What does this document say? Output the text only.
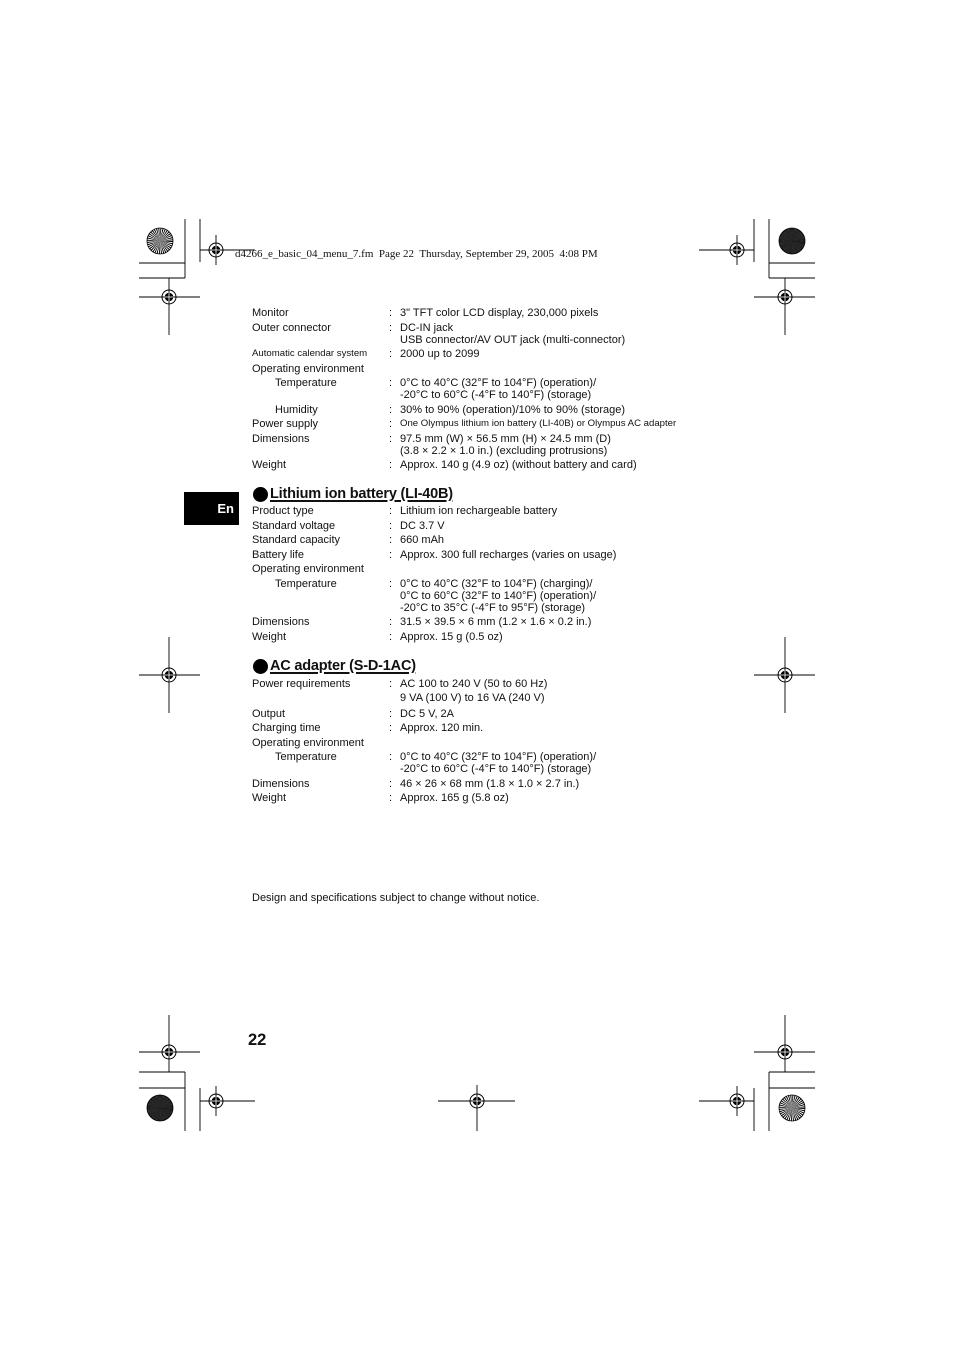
d4266_e_basic_04_menu_7.fm  Page 22  Thursday, September 29, 2005  4:08 PM
En
Monitor	: 3" TFT color LCD display, 230,000 pixels
Outer connector	: DC-IN jack
USB connector/AV OUT jack (multi-connector)
Automatic calendar system	: 2000 up to 2099
Operating environment
Temperature	: 0°C to 40°C (32°F to 104°F) (operation)/
-20°C to 60°C (-4°F to 140°F) (storage)
Humidity	: 30% to 90% (operation)/10% to 90% (storage)
Power supply	: One Olympus lithium ion battery (LI-40B) or Olympus AC adapter
Dimensions	: 97.5 mm (W) × 56.5 mm (H) × 24.5 mm (D)
(3.8 × 2.2 × 1.0 in.) (excluding protrusions)
Weight	: Approx. 140 g (4.9 oz) (without battery and card)
Lithium ion battery (LI-40B)
Product type	: Lithium ion rechargeable battery
Standard voltage	: DC 3.7 V
Standard capacity	: 660 mAh
Battery life	: Approx. 300 full recharges (varies on usage)
Operating environment
Temperature	: 0°C to 40°C (32°F to 104°F) (charging)/
0°C to 60°C (32°F to 140°F) (operation)/
-20°C to 35°C (-4°F to 95°F) (storage)
Dimensions	: 31.5 × 39.5 × 6 mm (1.2 × 1.6 × 0.2 in.)
Weight	: Approx. 15 g (0.5 oz)
AC adapter (S-D-1AC)
Power requirements	: AC 100 to 240 V (50 to 60 Hz)
9 VA (100 V) to 16 VA (240 V)
Output	: DC 5 V, 2A
Charging time	: Approx. 120 min.
Operating environment
Temperature	: 0°C to 40°C (32°F to 104°F) (operation)/
-20°C to 60°C (-4°F to 140°F) (storage)
Dimensions	: 46 × 26 × 68 mm (1.8 × 1.0 × 2.7 in.)
Weight	: Approx. 165 g (5.8 oz)
Design and specifications subject to change without notice.
22
